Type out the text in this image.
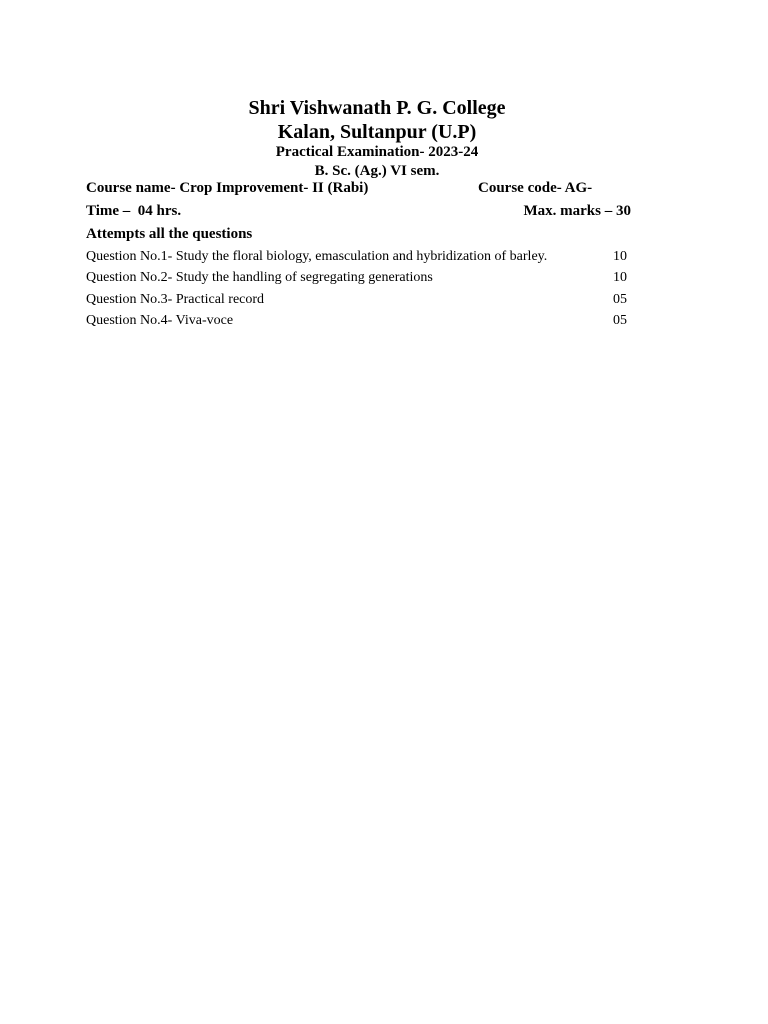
Shri Vishwanath P. G. College
Kalan, Sultanpur (U.P)
Practical Examination- 2023-24
B. Sc. (Ag.) VI sem.
Course name- Crop Improvement- II (Rabi)	Course code- AG-
Time –  04 hrs.	Max. marks – 30
Attempts all the questions
Question No.1- Study the floral biology, emasculation and hybridization of barley.	10
Question No.2- Study the handling of segregating generations	10
Question No.3- Practical record	05
Question No.4- Viva-voce	05
